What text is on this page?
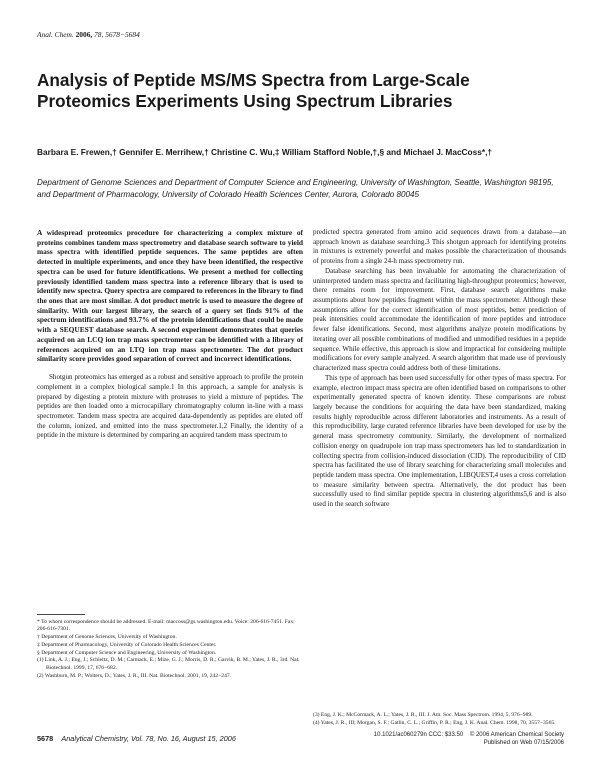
Anal. Chem. 2006, 78, 5678−5684
Analysis of Peptide MS/MS Spectra from Large-Scale Proteomics Experiments Using Spectrum Libraries
Barbara E. Frewen,† Gennifer E. Merrihew,† Christine C. Wu,‡ William Stafford Noble,†,§ and Michael J. MacCoss*,†
Department of Genome Sciences and Department of Computer Science and Engineering, University of Washington, Seattle, Washington 98195, and Department of Pharmacology, University of Colorado Health Sciences Center, Aurora, Colorado 80045
A widespread proteomics procedure for characterizing a complex mixture of proteins combines tandem mass spectrometry and database search software to yield mass spectra with identified peptide sequences. The same peptides are often detected in multiple experiments, and once they have been identified, the respective spectra can be used for future identifications. We present a method for collecting previously identified tandem mass spectra into a reference library that is used to identify new spectra. Query spectra are compared to references in the library to find the ones that are most similar. A dot product metric is used to measure the degree of similarity. With our largest library, the search of a query set finds 91% of the spectrum identifications and 93.7% of the protein identifications that could be made with a SEQUEST database search. A second experiment demonstrates that queries acquired on an LCQ ion trap mass spectrometer can be identified with a library of references acquired on an LTQ ion trap mass spectrometer. The dot product similarity score provides good separation of correct and incorrect identifications.

Shotgun proteomics has emerged as a robust and sensitive approach to profile the protein complement in a complex biological sample.1 In this approach, a sample for analysis is prepared by digesting a protein mixture with proteases to yield a mixture of peptides. The peptides are then loaded onto a microcapillary chromatography column in-line with a mass spectrometer. Tandem mass spectra are acquired data-dependently as peptides are eluted off the column, ionized, and emitted into the mass spectrometer.1,2 Finally, the identity of a peptide in the mixture is determined by comparing an acquired tandem mass spectrum to

predicted spectra generated from amino acid sequences drawn from a database—an approach known as database searching.3 This shotgun approach for identifying proteins in mixtures is extremely powerful and makes possible the characterization of thousands of proteins from a single 24-h mass spectrometry run.

Database searching has been invaluable for automating the characterization of uninterpreted tandem mass spectra and facilitating high-throughput proteomics; however, there remains room for improvement. First, database search algorithms make assumptions about how peptides fragment within the mass spectrometer. Although these assumptions allow for the correct identification of most peptides, better prediction of peak intensities could accommodate the identification of more peptides and introduce fewer false identifications. Second, most algorithms analyze protein modifications by iterating over all possible combinations of modified and unmodified residues in a peptide sequence. While effective, this approach is slow and impractical for considering multiple modifications for every sample analyzed. A search algorithm that made use of previously characterized mass spectra could address both of these limitations.

This type of approach has been used successfully for other types of mass spectra. For example, electron impact mass spectra are often identified based on comparisons to other experimentally generated spectra of known identity. These comparisons are robust largely because the conditions for acquiring the data have been standardized, making results highly reproducible across different laboratories and instruments. As a result of this reproducibility, large curated reference libraries have been developed for use by the general mass spectrometry community. Similarly, the development of normalized collision energy on quadrupole ion trap mass spectrometers has led to standardization in collecting spectra from collision-induced dissociation (CID). The reproducibility of CID spectra has facilitated the use of library searching for characterizing small molecules and peptide tandem mass spectra. One implementation, LIBQUEST,4 uses a cross correlation to measure similarity between spectra. Alternatively, the dot product has been successfully used to find similar peptide spectra in clustering algorithms5,6 and is also used in the search software

* To whom correspondence should be addressed. E-mail: maccoss@gs.washington.edu. Voice: 206-616-7451. Fax: 206-616-7301.

† Department of Genome Sciences, University of Washington.

‡ Department of Pharmacology, University of Colorado Health Sciences Center.

§ Department of Computer Science and Engineering, University of Washington.

(1) Link, A. J.; Eng, J.; Schieltz, D. M.; Carmack, E.; Mize, G. J.; Morris, D. R.; Garvik, B. M.; Yates, J. R., 3rd. Nat. Biotechnol. 1999, 17, 676−682.

(2) Washburn, M. P.; Wolters, D.; Yates, J. R., III. Nat. Biotechnol. 2001, 19, 242−247.

(3) Eng, J. K.; McCormack, A. L.; Yates, J. R., III. J. Am. Soc. Mass Spectrom. 1994, 5, 976−989.

(4) Yates, J. R., III; Morgan, S. F.; Gatlin, C. L.; Griffin, P. R.; Eng, J. K. Anal. Chem. 1998, 70, 3557−3565.

5678 Analytical Chemistry, Vol. 78, No. 16, August 15, 2006	10.1021/ac060279n CCC: $33.50 © 2006 American Chemical Society
Published on Web 07/15/2006
